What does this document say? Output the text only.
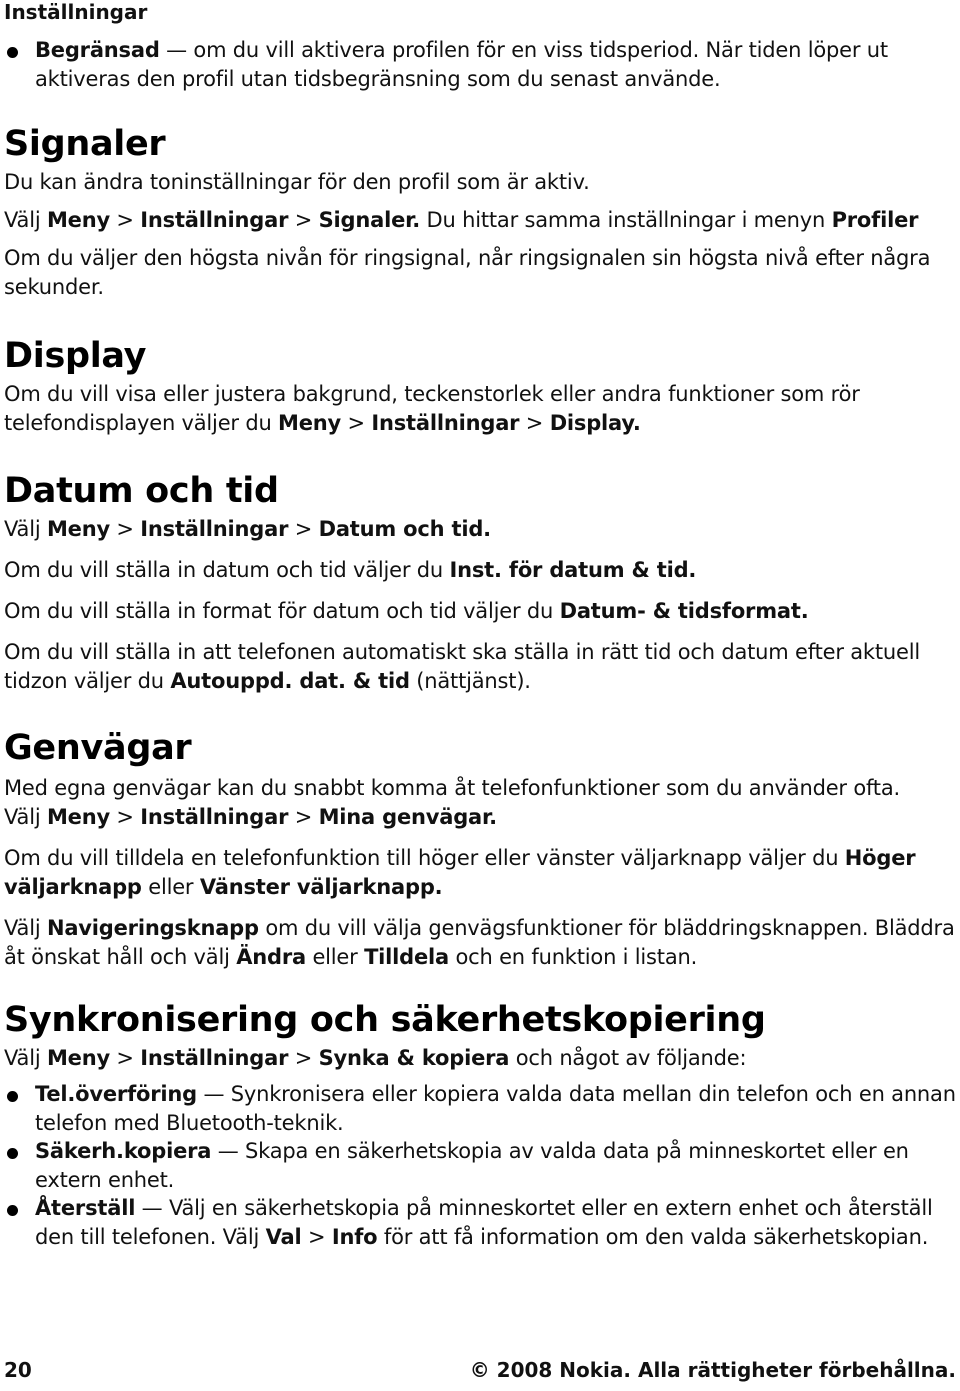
Inställningar
Begränsad — om du vill aktivera profilen för en viss tidsperiod. När tiden löper ut aktiveras den profil utan tidsbegränsning som du senast använde.
Signaler

Du kan ändra toninställningar för den profil som är aktiv.

Välj Meny > Inställningar > Signaler. Du hittar samma inställningar i menyn Profiler

Om du väljer den högsta nivån för ringsignal, når ringsignalen sin högsta nivå efter några sekunder.

Display

Om du vill visa eller justera bakgrund, teckenstorlek eller andra funktioner som rör telefondisplayen väljer du Meny > Inställningar > Display.

Datum och tid

Välj Meny > Inställningar > Datum och tid.

Om du vill ställa in datum och tid väljer du Inst. för datum & tid.

Om du vill ställa in format för datum och tid väljer du Datum- & tidsformat.

Om du vill ställa in att telefonen automatiskt ska ställa in rätt tid och datum efter aktuell tidzon väljer du Autouppd. dat. & tid (nättjänst).

Genvägar

Med egna genvägar kan du snabbt komma åt telefonfunktioner som du använder ofta.
Välj Meny > Inställningar > Mina genvägar.

Om du vill tilldela en telefonfunktion till höger eller vänster väljarknapp väljer du Höger väljarknapp eller Vänster väljarknapp.

Välj Navigeringsknapp om du vill välja genvägsfunktioner för bläddringsknappen. Bläddra åt önskat håll och välj Ändra eller Tilldela och en funktion i listan.

Synkronisering och säkerhetskopiering

Välj Meny > Inställningar > Synka & kopiera och något av följande:

Tel.överföring — Synkronisera eller kopiera valda data mellan din telefon och en annan telefon med Bluetooth-teknik.
Säkerh.kopiera — Skapa en säkerhetskopia av valda data på minneskortet eller en extern enhet.
Återställ — Välj en säkerhetskopia på minneskortet eller en extern enhet och återställ den till telefonen. Välj Val > Info för att få information om den valda säkerhetskopian.
20	© 2008 Nokia. Alla rättigheter förbehållna.
